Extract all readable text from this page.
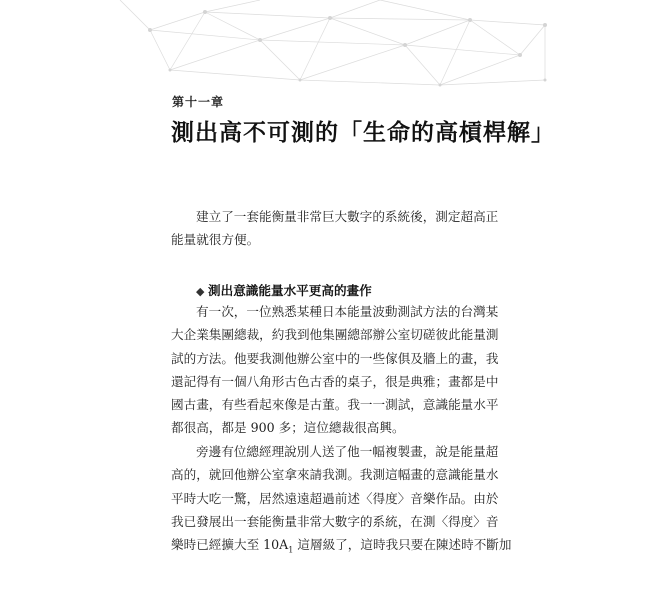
第十一章
測出高不可測的「生命的高槓桿解」
建立了一套能衡量非常巨大數字的系統後，測定超高正
能量就很方便。
◆ 測出意識能量水平更高的畫作
有一次，一位熟悉某種日本能量波動測試方法的台灣某
大企業集團總裁，約我到他集團總部辦公室切磋彼此能量測
試的方法。他要我測他辦公室中的一些傢俱及牆上的畫，我
還記得有一個八角形古色古香的桌子，很是典雅；畫都是中
國古畫，有些看起來像是古董。我一一測試，意識能量水平
都很高，都是 900 多；這位總裁很高興。
旁邊有位總經理說別人送了他一幅複製畫，說是能量超
高的，就回他辦公室拿來請我測。我測這幅畫的意識能量水
平時大吃一驚，居然遠遠超過前述〈得度〉音樂作品。由於
我已發展出一套能衡量非常大數字的系統，在測〈得度〉音
樂時已經擴大至 $10A_1$ 這層級了，這時我只要在陳述時不斷加
